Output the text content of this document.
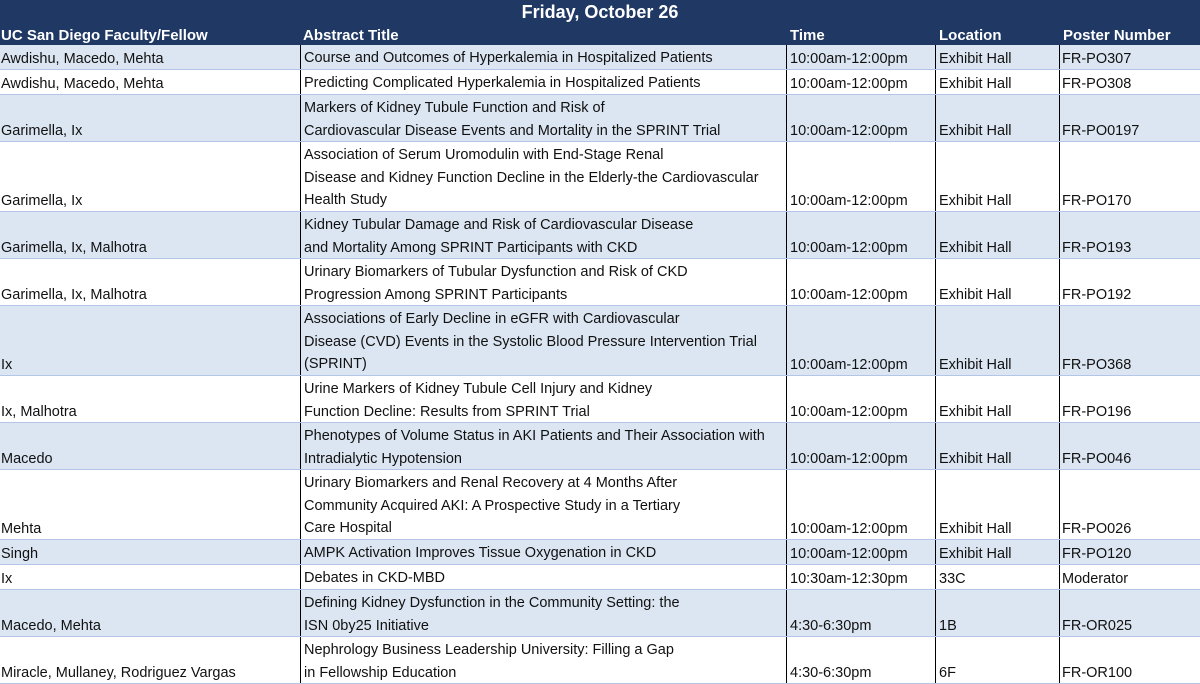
Friday, October 26
UC San Diego Faculty/Fellow	Abstract Title	Time	Location	Poster Number
Awdishu, Macedo, Mehta	Course and Outcomes of Hyperkalemia in Hospitalized Patients	10:00am-12:00pm Exhibit Hall	FR-PO307
Awdishu, Macedo, Mehta	Predicting Complicated Hyperkalemia in Hospitalized Patients	10:00am-12:00pm Exhibit Hall	FR-PO308
Garimella, Ix
Markers of Kidney Tubule Function and Risk of
Cardiovascular Disease Events and Mortality in the SPRINT Trial	10:00am-12:00pm Exhibit Hall	FR-PO0197
Garimella, Ix
Association of Serum Uromodulin with End-Stage Renal
Disease and Kidney Function Decline in the Elderly-the Cardiovascular
Health Study	10:00am-12:00pm Exhibit Hall	FR-PO170
Garimella, Ix, Malhotra
Kidney Tubular Damage and Risk of Cardiovascular Disease
and Mortality Among SPRINT Participants with CKD	10:00am-12:00pm Exhibit Hall	FR-PO193
Garimella, Ix, Malhotra
Urinary Biomarkers of Tubular Dysfunction and Risk of CKD
Progression Among SPRINT Participants	10:00am-12:00pm Exhibit Hall	FR-PO192
Ix
Associations of Early Decline in eGFR with Cardiovascular
Disease (CVD) Events in the Systolic Blood Pressure Intervention Trial
(SPRINT)	10:00am-12:00pm Exhibit Hall	FR-PO368
Ix, Malhotra
Urine Markers of Kidney Tubule Cell Injury and Kidney
Function Decline: Results from SPRINT Trial	10:00am-12:00pm Exhibit Hall	FR-PO196
Macedo
Phenotypes of Volume Status in AKI Patients and Their Association with
Intradialytic Hypotension	10:00am-12:00pm Exhibit Hall	FR-PO046
Mehta
Urinary Biomarkers and Renal Recovery at 4 Months After
Community Acquired AKI: A Prospective Study in a Tertiary
Care Hospital	10:00am-12:00pm Exhibit Hall	FR-PO026
Singh	AMPK Activation Improves Tissue Oxygenation in CKD	10:00am-12:00pm Exhibit Hall	FR-PO120
Ix	Debates in CKD-MBD	10:30am-12:30pm 33C	Moderator
Macedo, Mehta
Defining Kidney Dysfunction in the Community Setting: the
ISN 0by25 Initiative	4:30-6:30pm	1B	FR-OR025
Miracle, Mullaney, Rodriguez Vargas
Nephrology Business Leadership University: Filling a Gap
in Fellowship Education	4:30-6:30pm	6F	FR-OR100
